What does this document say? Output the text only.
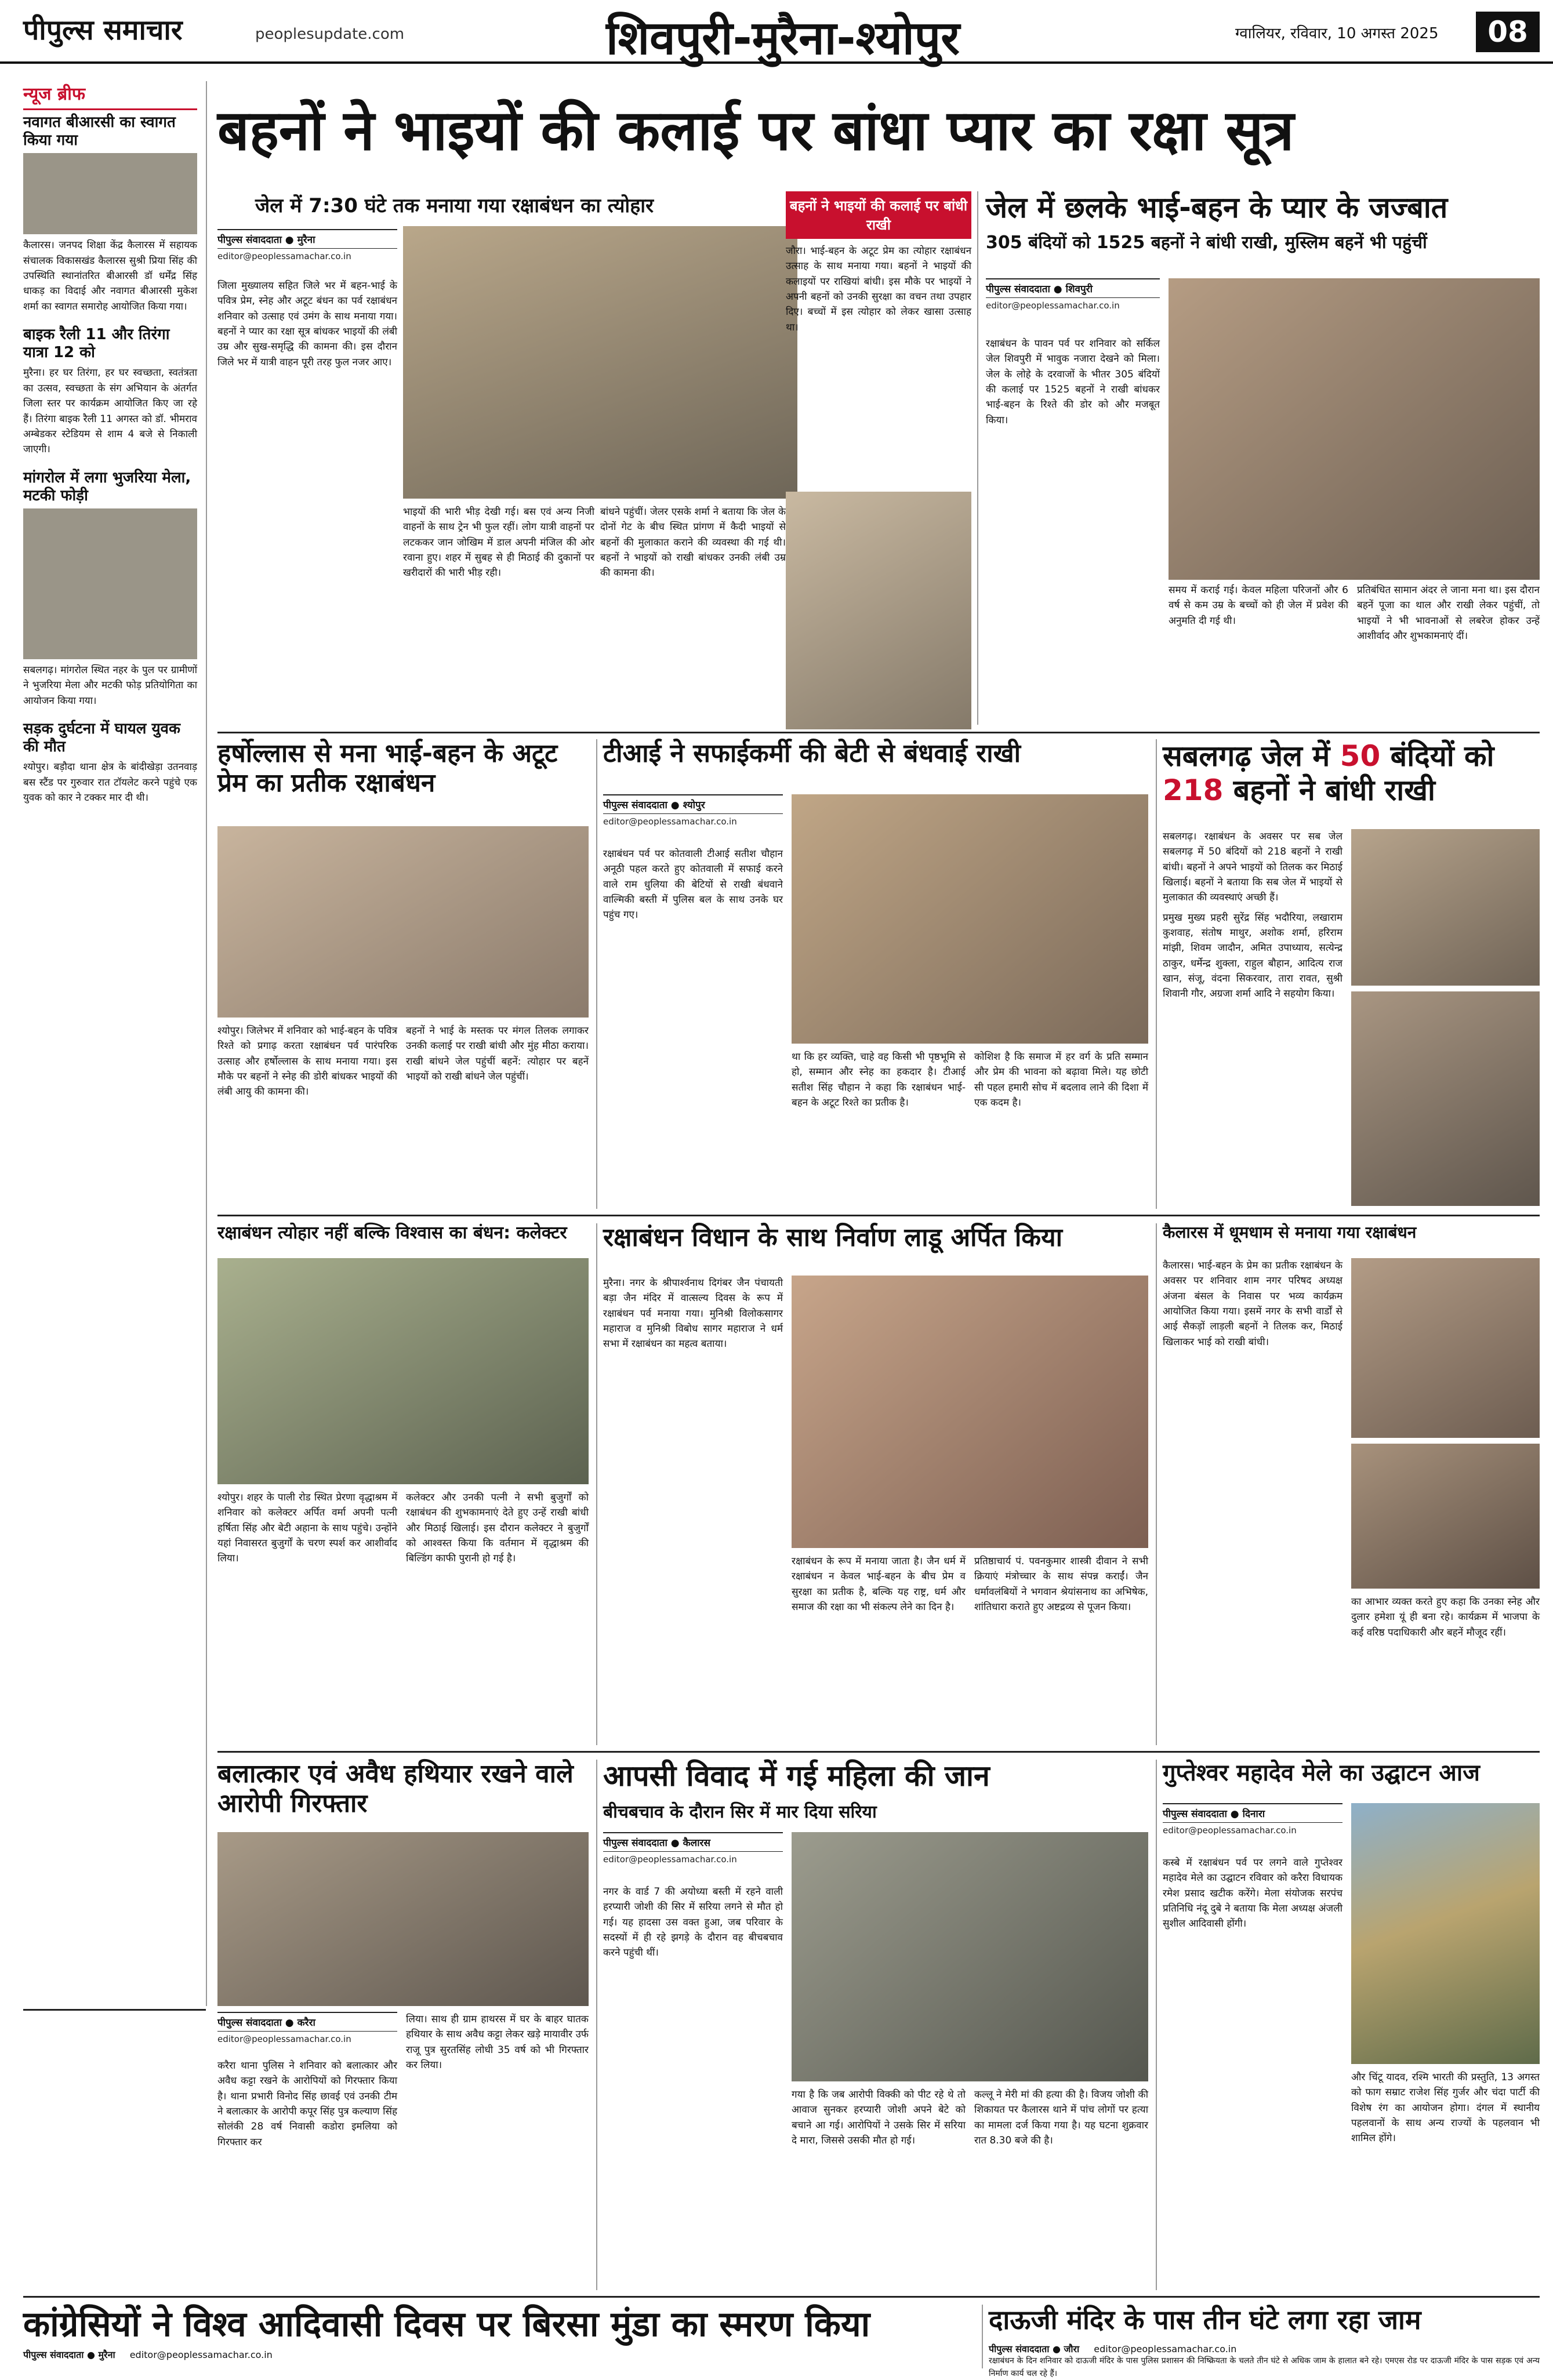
पीपुल्स समाचार	peoplesupdate.com	शिवपुरी-मुरैना-श्योपुर	ग्वालियर, रविवार, 10 अगस्त 2025	08
न्यूज ब्रीफ
नवागत बीआरसी का स्वागत किया गया
कैलारस। जनपद शिक्षा केंद्र कैलारस में सहायक संचालक विकासखंड कैलारस सुश्री प्रिया सिंह की उपस्थिति स्थानांतरित बीआरसी डॉ धर्मेंद्र सिंह धाकड़ का विदाई और नवागत बीआरसी मुकेश शर्मा का स्वागत समारोह आयोजित किया गया।
बाइक रैली 11 और तिरंगा यात्रा 12 को
मुरैना। हर घर तिरंगा, हर घर स्वच्छता, स्वतंत्रता का उत्सव, स्वच्छता के संग अभियान के अंतर्गत जिला स्तर पर कार्यक्रम आयोजित किए जा रहे हैं। तिरंगा बाइक रैली 11 अगस्त को डॉ. भीमराव अम्बेडकर स्टेडियम से शाम 4 बजे से निकाली जाएगी।
मांगरोल में लगा भुजरिया मेला, मटकी फोड़ी
सबलगढ़। मांगरोल स्थित नहर के पुल पर ग्रामीणों ने भुजरिया मेला और मटकी फोड़ प्रतियोगिता का आयोजन किया गया।
सड़क दुर्घटना में घायल युवक की मौत
श्योपुर। बड़ौदा थाना क्षेत्र के बांदीखेड़ा उतनवाड़ बस स्टैंड पर गुरुवार रात टॉयलेट करने पहुंचे एक युवक को कार ने टक्कर मार दी थी।
बहनों ने भाइयों की कलाई पर बांधा प्यार का रक्षा सूत्र
जेल में 7:30 घंटे तक मनाया गया रक्षाबंधन का त्योहार
पीपुल्स संवाददाता ● मुरैना
editor@peoplessamachar.co.in
जिला मुख्यालय सहित जिले भर में बहन-भाई के पवित्र प्रेम, स्नेह और अटूट बंधन का पर्व रक्षाबंधन शनिवार को उत्साह एवं उमंग के साथ मनाया गया। बहनों ने प्यार का रक्षा सूत्र बांधकर भाइयों की लंबी उम्र और सुख-समृद्धि की कामना की। इस दौरान जिले भर में यात्री वाहन पूरी तरह फुल नजर आए।
भाइयों की भारी भीड़ देखी गई। बस एवं अन्य निजी वाहनों के साथ ट्रेन भी फुल रहीं। लोग यात्री वाहनों पर लटककर जान जोखिम में डाल अपनी मंजिल की ओर रवाना हुए। शहर में सुबह से ही मिठाई की दुकानों पर खरीदारों की भारी भीड़ रही।
बांधने पहुंचीं। जेलर एसके शर्मा ने बताया कि जेल के दोनों गेट के बीच स्थित प्रांगण में कैदी भाइयों से बहनों की मुलाकात कराने की व्यवस्था की गई थी। बहनों ने भाइयों को राखी बांधकर उनकी लंबी उम्र की कामना की।
बहनों ने भाइयों की कलाई पर बांधी राखी
जौरा। भाई-बहन के अटूट प्रेम का त्योहार रक्षाबंधन उत्साह के साथ मनाया गया। बहनों ने भाइयों की कलाइयों पर राखियां बांधी। इस मौके पर भाइयों ने अपनी बहनों को उनकी सुरक्षा का वचन तथा उपहार दिए। बच्चों में इस त्योहार को लेकर खासा उत्साह था।
जेल में छलके भाई-बहन के प्यार के जज्बात
305 बंदियों को 1525 बहनों ने बांधी राखी, मुस्लिम बहनें भी पहुंचीं
पीपुल्स संवाददाता ● शिवपुरी
editor@peoplessamachar.co.in
रक्षाबंधन के पावन पर्व पर शनिवार को सर्किल जेल शिवपुरी में भावुक नजारा देखने को मिला। जेल के लोहे के दरवाजों के भीतर 305 बंदियों की कलाई पर 1525 बहनों ने राखी बांधकर भाई-बहन के रिश्ते की डोर को और मजबूत किया।
समय में कराई गई। केवल महिला परिजनों और 6 वर्ष से कम उम्र के बच्चों को ही जेल में प्रवेश की अनुमति दी गई थी।
प्रतिबंधित सामान अंदर ले जाना मना था। इस दौरान बहनें पूजा का थाल और राखी लेकर पहुंचीं, तो भाइयों ने भी भावनाओं से लबरेज होकर उन्हें आशीर्वाद और शुभकामनाएं दीं।
हर्षोल्लास से मना भाई-बहन के अटूट प्रेम का प्रतीक रक्षाबंधन
श्योपुर। जिलेभर में शनिवार को भाई-बहन के पवित्र रिश्ते को प्रगाढ़ करता रक्षाबंधन पर्व पारंपरिक उत्साह और हर्षोल्लास के साथ मनाया गया। इस मौके पर बहनों ने स्नेह की डोरी बांधकर भाइयों की लंबी आयु की कामना की।
बहनों ने भाई के मस्तक पर मंगल तिलक लगाकर उनकी कलाई पर राखी बांधी और मुंह मीठा कराया। राखी बांधने जेल पहुंचीं बहनें: त्योहार पर बहनें भाइयों को राखी बांधने जेल पहुंचीं।
टीआई ने सफाईकर्मी की बेटी से बंधवाई राखी
पीपुल्स संवाददाता ● श्योपुर
editor@peoplessamachar.co.in
रक्षाबंधन पर्व पर कोतवाली टीआई सतीश चौहान अनूठी पहल करते हुए कोतवाली में सफाई करने वाले राम धुलिया की बेटियों से राखी बंधवाने वाल्मिकी बस्ती में पुलिस बल के साथ उनके घर पहुंच गए।
था कि हर व्यक्ति, चाहे वह किसी भी पृष्ठभूमि से हो, सम्मान और स्नेह का हकदार है। टीआई सतीश सिंह चौहान ने कहा कि रक्षाबंधन भाई-बहन के अटूट रिश्ते का प्रतीक है।
कोशिश है कि समाज में हर वर्ग के प्रति सम्मान और प्रेम की भावना को बढ़ावा मिले। यह छोटी सी पहल हमारी सोच में बदलाव लाने की दिशा में एक कदम है।
सबलगढ़ जेल में 50 बंदियों को 218 बहनों ने बांधी राखी
सबलगढ़। रक्षाबंधन के अवसर पर सब जेल सबलगढ़ में 50 बंदियों को 218 बहनों ने राखी बांधी। बहनों ने अपने भाइयों को तिलक कर मिठाई खिलाई। बहनों ने बताया कि सब जेल में भाइयों से मुलाकात की व्यवस्थाएं अच्छी हैं।
प्रमुख मुख्य प्रहरी सुरेंद्र सिंह भदौरिया, लखाराम कुशवाह, संतोष माथुर, अशोक शर्मा, हरिराम मांझी, शिवम जादौन, अमित उपाध्याय, सत्येन्द्र ठाकुर, धर्मेन्द्र शुक्ला, राहुल बौहान, आदित्य राज खान, संजू, वंदना सिकरवार, तारा रावत, सुश्री शिवानी गौर, अग्रजा शर्मा आदि ने सहयोग किया।
रक्षाबंधन त्योहार नहीं बल्कि विश्वास का बंधन: कलेक्टर
श्योपुर। शहर के पाली रोड स्थित प्रेरणा वृद्धाश्रम में शनिवार को कलेक्टर अर्पित वर्मा अपनी पत्नी हर्षिता सिंह और बेटी अहाना के साथ पहुंचे। उन्होंने यहां निवासरत बुजुर्गों के चरण स्पर्श कर आशीर्वाद लिया।
कलेक्टर और उनकी पत्नी ने सभी बुजुर्गों को रक्षाबंधन की शुभकामनाएं देते हुए उन्हें राखी बांधी और मिठाई खिलाई। इस दौरान कलेक्टर ने बुजुर्गों को आश्वस्त किया कि वर्तमान में वृद्धाश्रम की बिल्डिंग काफी पुरानी हो गई है।
रक्षाबंधन विधान के साथ निर्वाण लाडू अर्पित किया
मुरैना। नगर के श्रीपार्श्वनाथ दिगंबर जैन पंचायती बड़ा जैन मंदिर में वात्सल्य दिवस के रूप में रक्षाबंधन पर्व मनाया गया। मुनिश्री विलोकसागर महाराज व मुनिश्री विबोध सागर महाराज ने धर्म सभा में रक्षाबंधन का महत्व बताया।
रक्षाबंधन के रूप में मनाया जाता है। जैन धर्म में रक्षाबंधन न केवल भाई-बहन के बीच प्रेम व सुरक्षा का प्रतीक है, बल्कि यह राष्ट्र, धर्म और समाज की रक्षा का भी संकल्प लेने का दिन है।
प्रतिष्ठाचार्य पं. पवनकुमार शास्त्री दीवान ने सभी क्रियाएं मंत्रोच्चार के साथ संपन्न कराईं। जैन धर्मावलंबियों ने भगवान श्रेयांसनाथ का अभिषेक, शांतिधारा कराते हुए अष्टद्रव्य से पूजन किया।
कैलारस में धूमधाम से मनाया गया रक्षाबंधन
कैलारस। भाई-बहन के प्रेम का प्रतीक रक्षाबंधन के अवसर पर शनिवार शाम नगर परिषद अध्यक्ष अंजना बंसल के निवास पर भव्य कार्यक्रम आयोजित किया गया। इसमें नगर के सभी वार्डों से आई सैकड़ों लाड़ली बहनों ने तिलक कर, मिठाई खिलाकर भाई को राखी बांधी।
का आभार व्यक्त करते हुए कहा कि उनका स्नेह और दुलार हमेशा यूं ही बना रहे। कार्यक्रम में भाजपा के कई वरिष्ठ पदाधिकारी और बहनें मौजूद रहीं।
बलात्कार एवं अवैध हथियार रखने वाले आरोपी गिरफ्तार
पीपुल्स संवाददाता ● करैरा
editor@peoplessamachar.co.in
करैरा थाना पुलिस ने शनिवार को बलात्कार और अवैध कट्टा रखने के आरोपियों को गिरफ्तार किया है। थाना प्रभारी विनोद सिंह छावई एवं उनकी टीम ने बलात्कार के आरोपी कपूर सिंह पुत्र कल्याण सिंह सोलंकी 28 वर्ष निवासी कडोरा इमलिया को गिरफ्तार कर
लिया। साथ ही ग्राम हाथरस में घर के बाहर घातक हथियार के साथ अवैध कट्टा लेकर खड़े मायावीर उर्फ राजू पुत्र सुरतसिंह लोधी 35 वर्ष को भी गिरफ्तार कर लिया।
आपसी विवाद में गई महिला की जान
बीचबचाव के दौरान सिर में मार दिया सरिया
पीपुल्स संवाददाता ● कैलारस
editor@peoplessamachar.co.in
नगर के वार्ड 7 की अयोध्या बस्ती में रहने वाली हरप्यारी जोशी की सिर में सरिया लगने से मौत हो गई। यह हादसा उस वक्त हुआ, जब परिवार के सदस्यों में ही रहे झगड़े के दौरान वह बीचबचाव करने पहुंची थीं।
गया है कि जब आरोपी विक्की को पीट रहे थे तो आवाज सुनकर हरप्यारी जोशी अपने बेटे को बचाने आ गई। आरोपियों ने उसके सिर में सरिया दे मारा, जिससे उसकी मौत हो गई।
कल्लू ने मेरी मां की हत्या की है। विजय जोशी की शिकायत पर कैलारस थाने में पांच लोगों पर हत्या का मामला दर्ज किया गया है। यह घटना शुक्रवार रात 8.30 बजे की है।
गुप्तेश्वर महादेव मेले का उद्घाटन आज
पीपुल्स संवाददाता ● दिनारा
editor@peoplessamachar.co.in
कस्बे में रक्षाबंधन पर्व पर लगने वाले गुप्तेश्वर महादेव मेले का उद्घाटन रविवार को करैरा विधायक रमेश प्रसाद खटीक करेंगे। मेला संयोजक सरपंच प्रतिनिधि नंदू दुबे ने बताया कि मेला अध्यक्ष अंजली सुशील आदिवासी होंगी।
और चिंटू यादव, रश्मि भारती की प्रस्तुति, 13 अगस्त को फाग सम्राट राजेश सिंह गुर्जर और चंदा पार्टी की विशेष रंग का आयोजन होगा। दंगल में स्थानीय पहलवानों के साथ अन्य राज्यों के पहलवान भी शामिल होंगे।
कांग्रेसियों ने विश्व आदिवासी दिवस पर बिरसा मुंडा का स्मरण किया	दाऊजी मंदिर के पास तीन घंटे लगा रहा जाम
पीपुल्स संवाददाता ● जौरा editor@peoplessamachar.co.in
रक्षाबंधन के दिन शनिवार को दाऊजी मंदिर के पास पुलिस प्रशासन की निष्क्रियता के चलते तीन घंटे से अधिक जाम के हालात बने रहे। एमएस रोड पर दाऊजी मंदिर के पास सड़क एवं अन्य निर्माण कार्य चल रहे हैं।
पीपुल्स संवाददाता ● मुरैना editor@peoplessamachar.co.in
